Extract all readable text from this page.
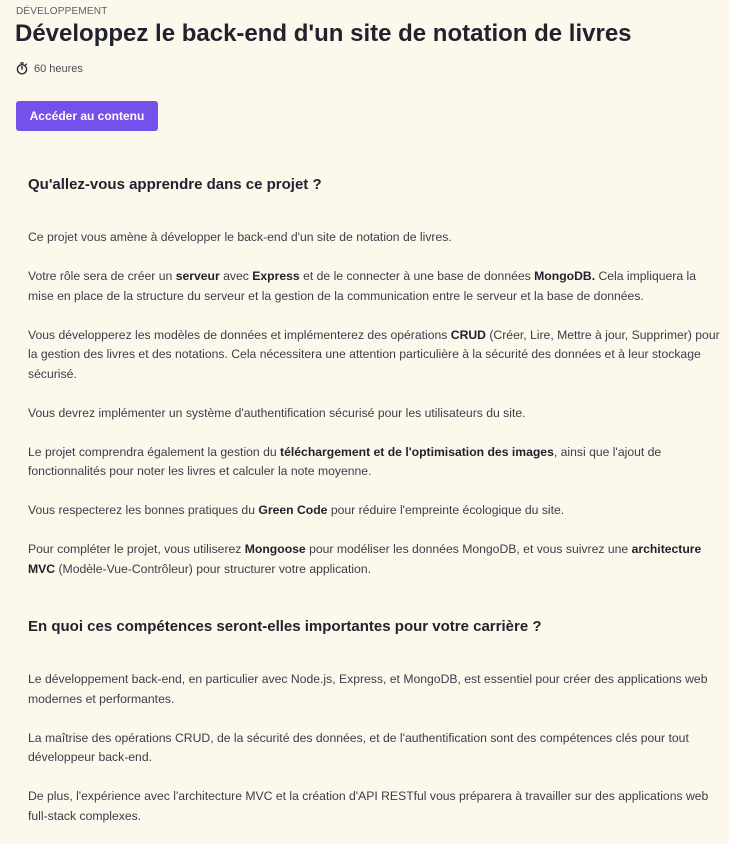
DÉVELOPPEMENT
Développez le back-end d'un site de notation de livres
60 heures
Accéder au contenu
Qu'allez-vous apprendre dans ce projet ?

Ce projet vous amène à développer le back-end d'un site de notation de livres.

Votre rôle sera de créer un serveur avec Express et de le connecter à une base de données MongoDB. Cela impliquera la mise en place de la structure du serveur et la gestion de la communication entre le serveur et la base de données.

Vous développerez les modèles de données et implémenterez des opérations CRUD (Créer, Lire, Mettre à jour, Supprimer) pour la gestion des livres et des notations. Cela nécessitera une attention particulière à la sécurité des données et à leur stockage sécurisé.

Vous devrez implémenter un système d'authentification sécurisé pour les utilisateurs du site.

Le projet comprendra également la gestion du téléchargement et de l'optimisation des images, ainsi que l'ajout de fonctionnalités pour noter les livres et calculer la note moyenne.

Vous respecterez les bonnes pratiques du Green Code pour réduire l'empreinte écologique du site.

Pour compléter le projet, vous utiliserez Mongoose pour modéliser les données MongoDB, et vous suivrez une architecture MVC (Modèle-Vue-Contrôleur) pour structurer votre application.

En quoi ces compétences seront-elles importantes pour votre carrière ?

Le développement back-end, en particulier avec Node.js, Express, et MongoDB, est essentiel pour créer des applications web modernes et performantes.

La maîtrise des opérations CRUD, de la sécurité des données, et de l'authentification sont des compétences clés pour tout développeur back-end.

De plus, l'expérience avec l'architecture MVC et la création d'API RESTful vous préparera à travailler sur des applications web full-stack complexes.
